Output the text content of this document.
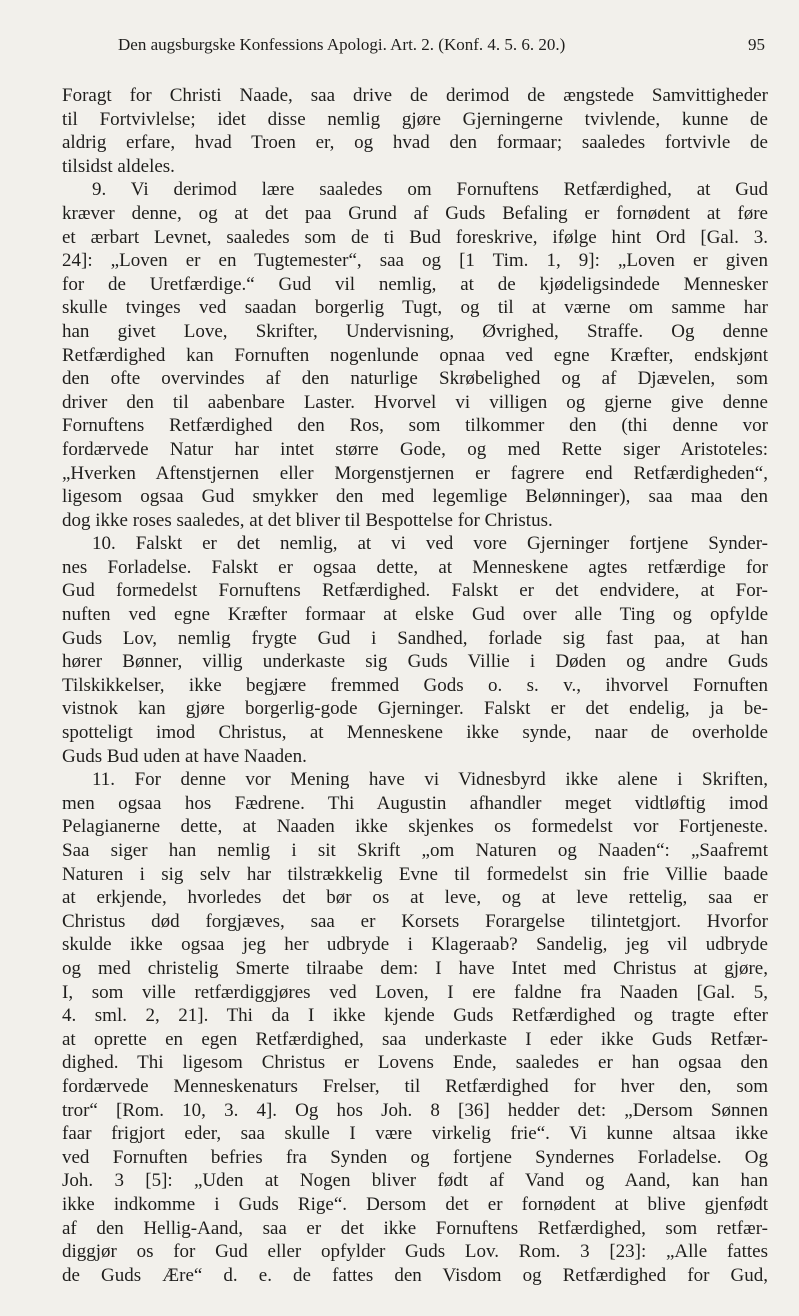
Den augsburgske Konfessions Apologi. Art. 2. (Konf. 4. 5. 6. 20.)	95
Foragt for Christi Naade, saa drive de derimod de ængstede Samvittigheder
til Fortvivlelse; idet disse nemlig gjøre Gjerningerne tvivlende, kunne de
aldrig erfare, hvad Troen er, og hvad den formaar; saaledes fortvivle de
tilsidst aldeles.
9. Vi derimod lære saaledes om Fornuftens Retfærdighed, at Gud
kræver denne, og at det paa Grund af Guds Befaling er fornødent at føre
et ærbart Levnet, saaledes som de ti Bud foreskrive, ifølge hint Ord [Gal. 3.
24]: „Loven er en Tugtemester“, saa og [1 Tim. 1, 9]: „Loven er given
for de Uretfærdige.“ Gud vil nemlig, at de kjødeligsindede Mennesker
skulle tvinges ved saadan borgerlig Tugt, og til at værne om samme har
han givet Love, Skrifter, Undervisning, Øvrighed, Straffe. Og denne
Retfærdighed kan Fornuften nogenlunde opnaa ved egne Kræfter, endskjønt
den ofte overvindes af den naturlige Skrøbelighed og af Djævelen, som
driver den til aabenbare Laster. Hvorvel vi villigen og gjerne give denne
Fornuftens Retfærdighed den Ros, som tilkommer den (thi denne vor
fordærvede Natur har intet større Gode, og med Rette siger Aristoteles:
„Hverken Aftenstjernen eller Morgenstjernen er fagrere end Retfærdigheden“,
ligesom ogsaa Gud smykker den med legemlige Belønninger), saa maa den
dog ikke roses saaledes, at det bliver til Bespottelse for Christus.
10. Falskt er det nemlig, at vi ved vore Gjerninger fortjene Synder-
nes Forladelse. Falskt er ogsaa dette, at Menneskene agtes retfærdige for
Gud formedelst Fornuftens Retfærdighed. Falskt er det endvidere, at For-
nuften ved egne Kræfter formaar at elske Gud over alle Ting og opfylde
Guds Lov, nemlig frygte Gud i Sandhed, forlade sig fast paa, at han
hører Bønner, villig underkaste sig Guds Villie i Døden og andre Guds
Tilskikkelser, ikke begjære fremmed Gods o. s. v., ihvorvel Fornuften
vistnok kan gjøre borgerlig-gode Gjerninger. Falskt er det endelig, ja be-
spotteligt imod Christus, at Menneskene ikke synde, naar de overholde
Guds Bud uden at have Naaden.
11. For denne vor Mening have vi Vidnesbyrd ikke alene i Skriften,
men ogsaa hos Fædrene. Thi Augustin afhandler meget vidtløftig imod
Pelagianerne dette, at Naaden ikke skjenkes os formedelst vor Fortjeneste.
Saa siger han nemlig i sit Skrift „om Naturen og Naaden“: „Saafremt
Naturen i sig selv har tilstrækkelig Evne til formedelst sin frie Villie baade
at erkjende, hvorledes det bør os at leve, og at leve rettelig, saa er
Christus død forgjæves, saa er Korsets Forargelse tilintetgjort. Hvorfor
skulde ikke ogsaa jeg her udbryde i Klageraab? Sandelig, jeg vil udbryde
og med christelig Smerte tilraabe dem: I have Intet med Christus at gjøre,
I, som ville retfærdiggjøres ved Loven, I ere faldne fra Naaden [Gal. 5,
4. sml. 2, 21]. Thi da I ikke kjende Guds Retfærdighed og tragte efter
at oprette en egen Retfærdighed, saa underkaste I eder ikke Guds Retfær-
dighed. Thi ligesom Christus er Lovens Ende, saaledes er han ogsaa den
fordærvede Menneskenaturs Frelser, til Retfærdighed for hver den, som
tror“ [Rom. 10, 3. 4]. Og hos Joh. 8 [36] hedder det: „Dersom Sønnen
faar frigjort eder, saa skulle I være virkelig frie“. Vi kunne altsaa ikke
ved Fornuften befries fra Synden og fortjene Syndernes Forladelse. Og
Joh. 3 [5]: „Uden at Nogen bliver født af Vand og Aand, kan han
ikke indkomme i Guds Rige“. Dersom det er fornødent at blive gjenfødt
af den Hellig-Aand, saa er det ikke Fornuftens Retfærdighed, som retfær-
diggjør os for Gud eller opfylder Guds Lov. Rom. 3 [23]: „Alle fattes
de Guds Ære“ d. e. de fattes den Visdom og Retfærdighed for Gud,
